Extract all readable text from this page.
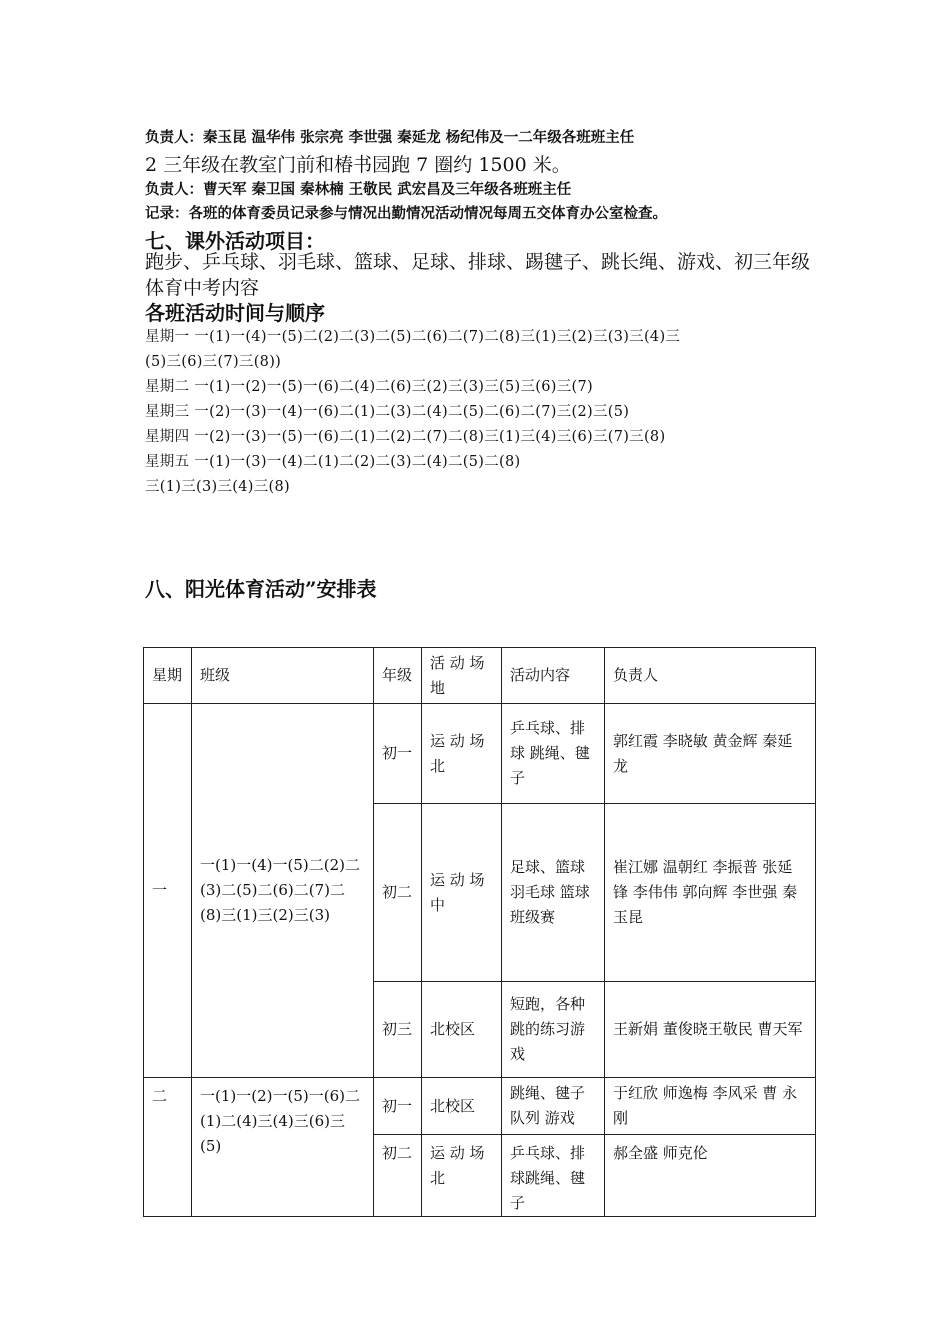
负责人：秦玉昆 温华伟 张宗亮 李世强 秦延龙 杨纪伟及一二年级各班班主任
2 三年级在教室门前和椿书园跑 7 圈约 1500 米。
负责人：曹天军 秦卫国 秦林楠 王敬民 武宏昌及三年级各班班主任
记录：各班的体育委员记录参与情况出勤情况活动情况每周五交体育办公室检查。
七、课外活动项目：
跑步、乒乓球、羽毛球、篮球、足球、排球、踢毽子、跳长绳、游戏、初三年级体育中考内容
各班活动时间与顺序
星期一 一(1)一(4)一(5)二(2)二(3)二(5)二(6)二(7)二(8)三(1)三(2)三(3)三(4)三
(5)三(6)三(7)三(8))
星期二 一(1)一(2)一(5)一(6)二(4)二(6)三(2)三(3)三(5)三(6)三(7)
星期三 一(2)一(3)一(4)一(6)二(1)二(3)二(4)二(5)二(6)二(7)三(2)三(5)
星期四 一(2)一(3)一(5)一(6)二(1)二(2)二(7)二(8)三(1)三(4)三(6)三(7)三(8)
星期五 一(1)一(3)一(4)二(1)二(2)二(3)二(4)二(5)二(8)
三(1)三(3)三(4)三(8)
八、阳光体育活动”安排表
星期	班级	年级	活 动 场地	活动内容	负责人
一	一(1)一(4)一(5)二(2)二(3)二(5)二(6)二(7)二(8)三(1)三(2)三(3)	初一	运 动 场北	乒乓球、排球 跳绳、毽子	郭红霞 李晓敏 黄金辉 秦延龙
		初二	运 动 场中	足球、篮球 羽毛球 篮球班级赛	崔江娜 温朝红 李振普 张延锋 李伟伟 郭向辉 李世强 秦玉昆
		初三	北校区	短跑，各种跳的练习游戏	王新娟 董俊晓王敬民 曹天军
二	一(1)一(2)一(5)一(6)二(1)二(4)三(4)三(6)三(5)	初一	北校区	跳绳、毽子 队列 游戏	于红欣 师逸梅 李风采 曹 永刚
		初二	运 动 场北	乒乓球、排球跳绳、毽子	郝全盛 师克伦
